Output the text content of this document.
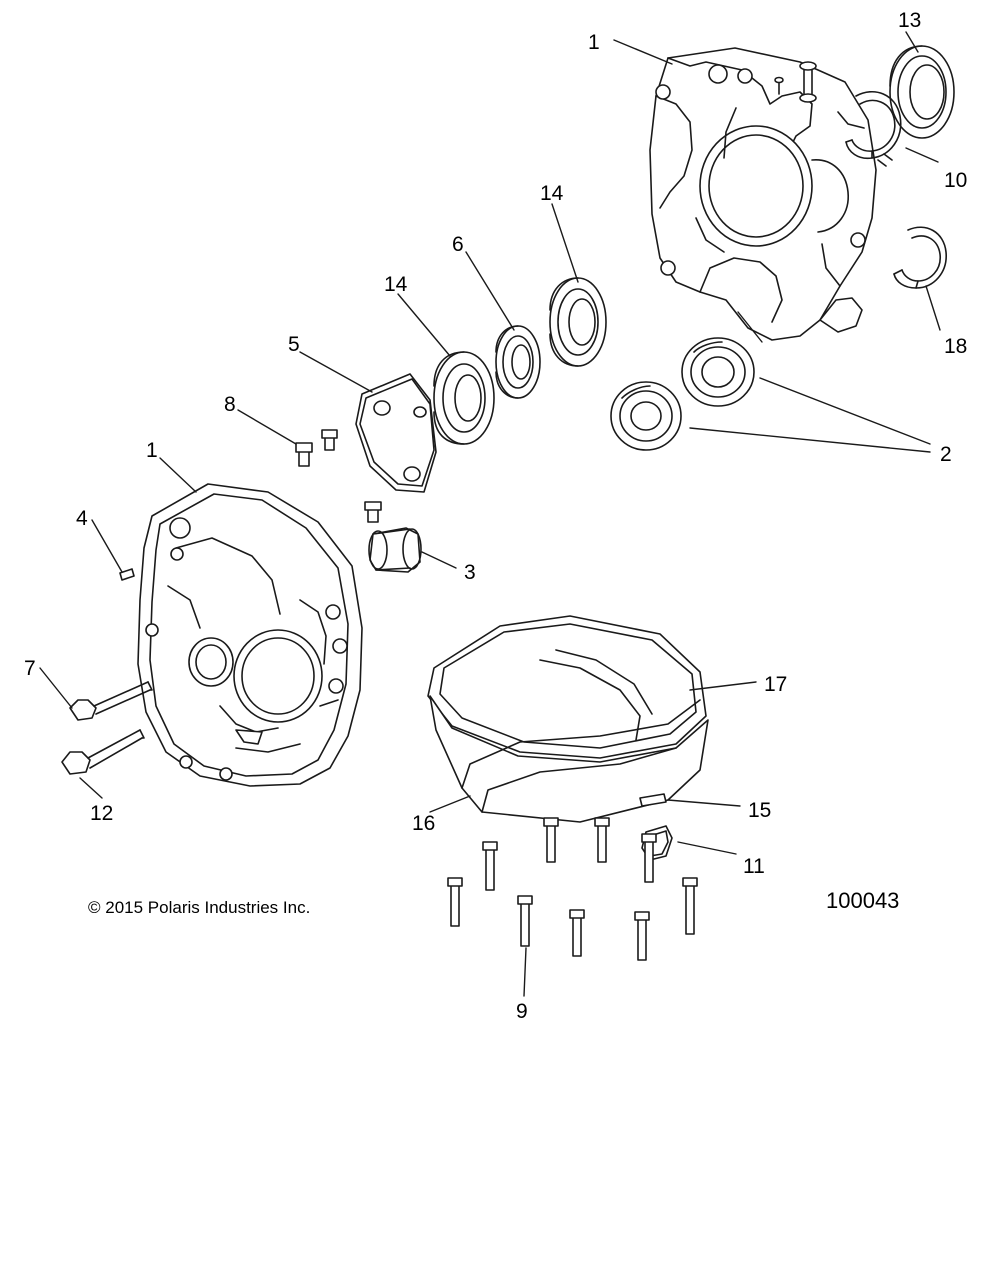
1
13
10
14
6
18
14
5
8
2
1
4
3
7
17
12	15
16
11
9
© 2015 Polaris Industries Inc.	100043
